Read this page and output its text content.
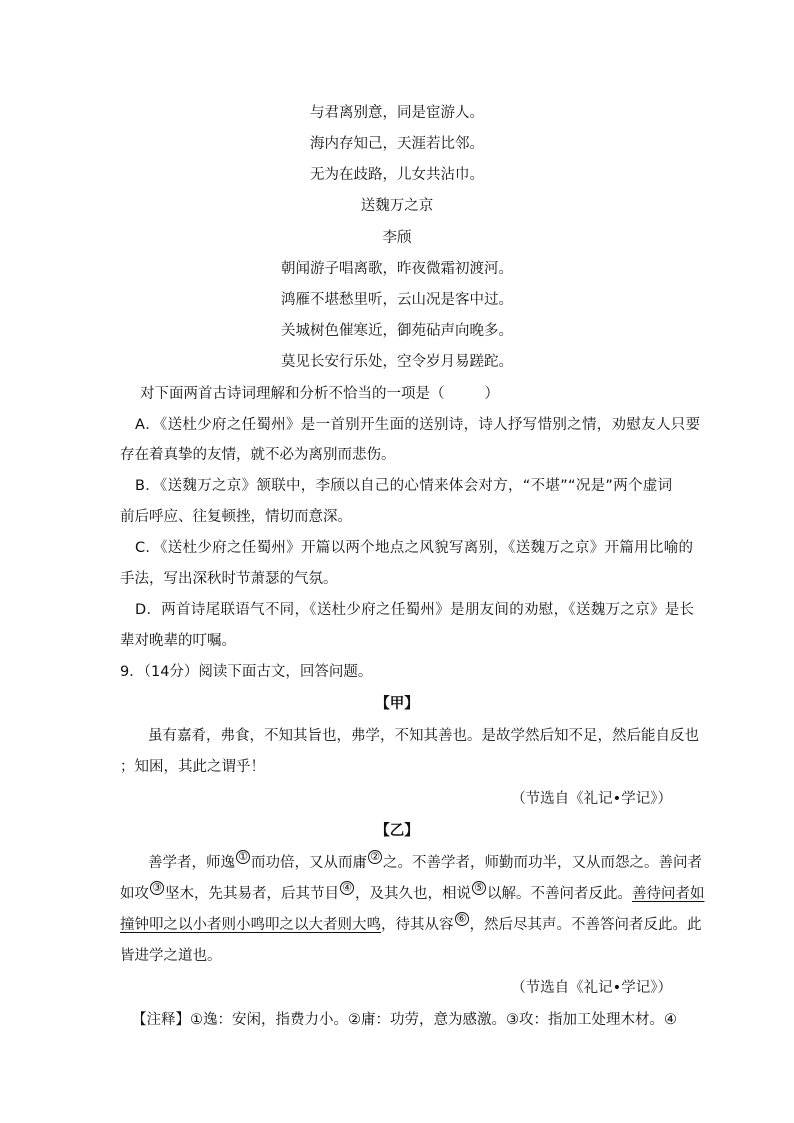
与君离别意，同是宦游人。
海内存知己，天涯若比邻。
无为在歧路，儿女共沾巾。
送魏万之京
李颀
朝闻游子唱离歌，昨夜微霜初渡河。
鸿雁不堪愁里听，云山况是客中过。
关城树色催寒近，御苑砧声向晚多。
莫见长安行乐处，空令岁月易蹉跎。
对下面两首古诗词理解和分析不恰当的一项是（	）
A．《送杜少府之任蜀州》是一首别开生面的送别诗，诗人抒写惜别之情，劝慰友人只要
存在着真挚的友情，就不必为离别而悲伤。
B．《送魏万之京》颔联中，李颀以自己的心情来体会对方，“不堪”“况是”两个虚词
前后呼应、往复顿挫，情切而意深。
C．《送杜少府之任蜀州》开篇以两个地点之风貌写离别，《送魏万之京》开篇用比喻的
手法，写出深秋时节萧瑟的气氛。
D．两首诗尾联语气不同，《送杜少府之任蜀州》是朋友间的劝慰，《送魏万之京》是长
辈对晚辈的叮嘱。
9．（14分）阅读下面古文，回答问题。
【甲】
虽有嘉肴，弗食，不知其旨也，弗学，不知其善也。是故学然后知不足，然后能自反也
；知困，其此之谓乎！
（节选自《礼记•学记》）
【乙】
善学者，师逸 ① 而功倍，又从而庸 ② 之。不善学者，师勤而功半，又从而怨之。善问者
如攻 ③ 坚木，先其易者，后其节目 ④ ，及其久也，相说 ⑤ 以解。不善问者反此。善待问者如
撞钟叩之以小者则小鸣叩之以大者则大鸣，待其从容 ⑥ ，然后尽其声。不善答问者反此。此
皆进学之道也。
（节选自《礼记•学记》）
【注释】①逸：安闲，指费力小。②庸：功劳，意为感激。③攻：指加工处理木材。④
